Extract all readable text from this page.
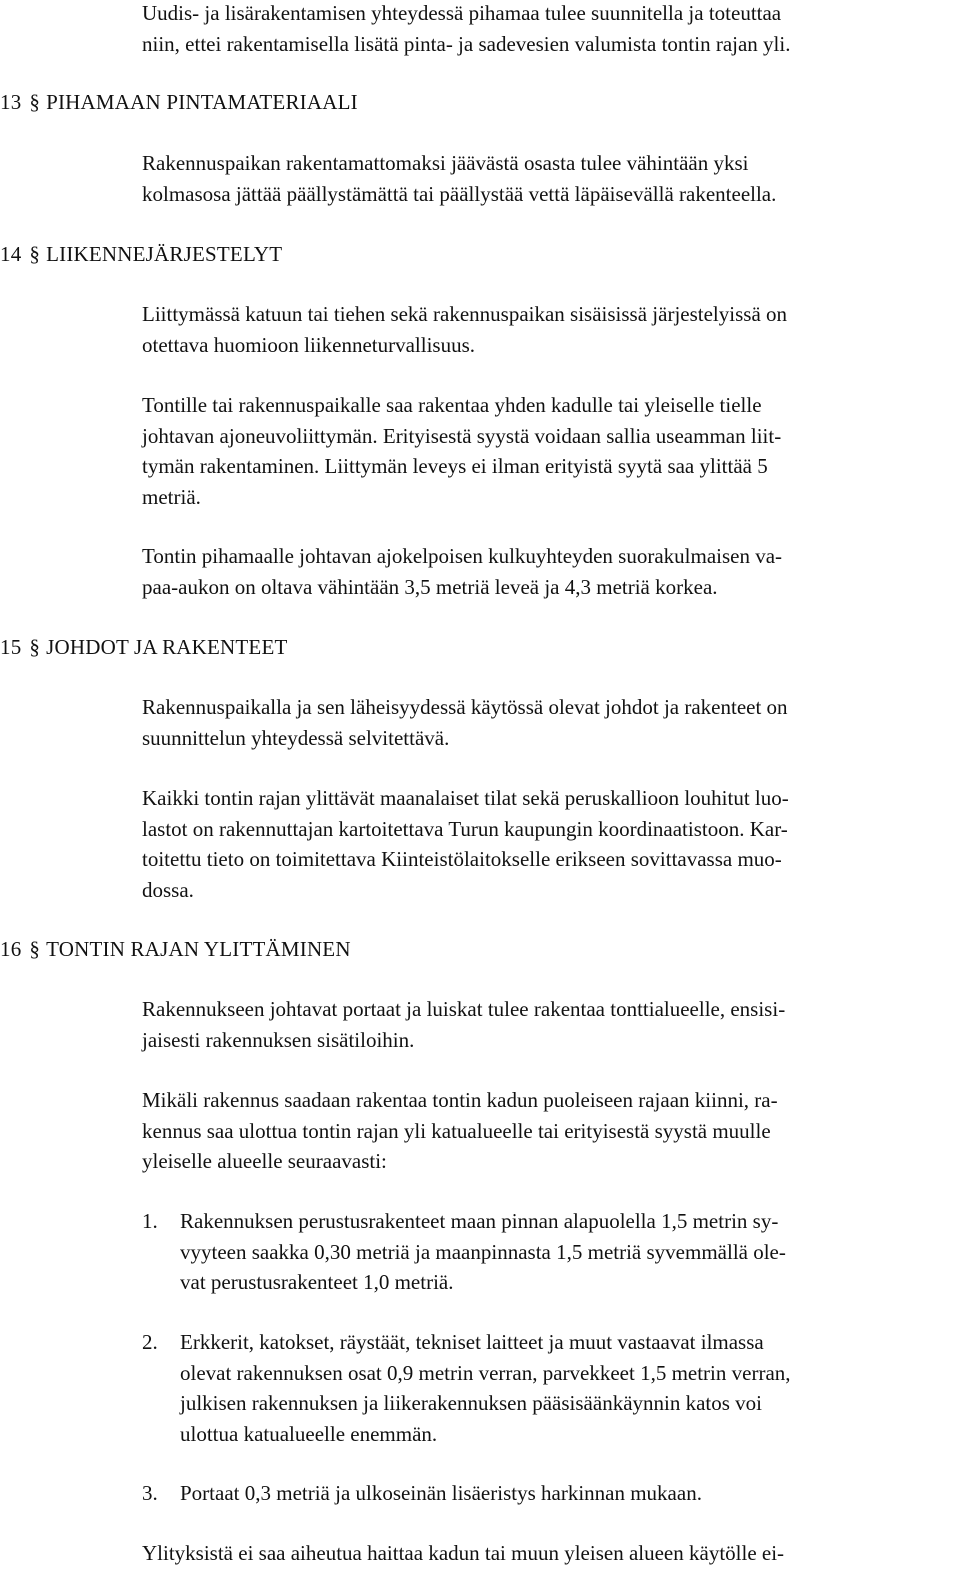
Uudis- ja lisärakentamisen yhteydessä pihamaa tulee suunnitella ja toteuttaa
niin, ettei rakentamisella lisätä pinta- ja sadevesien valumista tontin rajan yli.

13 § PIHAMAAN PINTAMATERIAALI

Rakennuspaikan rakentamattomaksi jäävästä osasta tulee vähintään yksi
kolmasosa jättää päällystämättä tai päällystää vettä läpäisevällä rakenteella.

14 § LIIKENNEJÄRJESTELYT

Liittymässä katuun tai tiehen sekä rakennuspaikan sisäisissä järjestelyissä on
otettava huomioon liikenneturvallisuus.

Tontille tai rakennuspaikalle saa rakentaa yhden kadulle tai yleiselle tielle
johtavan ajoneuvoliittymän. Erityisestä syystä voidaan sallia useamman liit-
tymän rakentaminen. Liittymän leveys ei ilman erityistä syytä saa ylittää 5
metriä.

Tontin pihamaalle johtavan ajokelpoisen kulkuyhteyden suorakulmaisen va-
paa-aukon on oltava vähintään 3,5 metriä leveä ja 4,3 metriä korkea.

15 § JOHDOT JA RAKENTEET

Rakennuspaikalla ja sen läheisyydessä käytössä olevat johdot ja rakenteet on
suunnittelun yhteydessä selvitettävä.

Kaikki tontin rajan ylittävät maanalaiset tilat sekä peruskallioon louhitut luo-
lastot on rakennuttajan kartoitettava Turun kaupungin koordinaatistoon. Kar-
toitettu tieto on toimitettava Kiinteistölaitokselle erikseen sovittavassa muo-
dossa.

16 § TONTIN RAJAN YLITTÄMINEN

Rakennukseen johtavat portaat ja luiskat tulee rakentaa tonttialueelle, ensisi-
jaisesti rakennuksen sisätiloihin.

Mikäli rakennus saadaan rakentaa tontin kadun puoleiseen rajaan kiinni, ra-
kennus saa ulottua tontin rajan yli katualueelle tai erityisestä syystä muulle
yleiselle alueelle seuraavasti:

1. Rakennuksen perustusrakenteet maan pinnan alapuolella 1,5 metrin sy-
vyyteen saakka 0,30 metriä ja maanpinnasta 1,5 metriä syvemmällä ole-
vat perustusrakenteet 1,0 metriä.
2. Erkkerit, katokset, räystäät, tekniset laitteet ja muut vastaavat ilmassa
olevat rakennuksen osat 0,9 metrin verran, parvekkeet 1,5 metrin verran,
julkisen rakennuksen ja liikerakennuksen pääsisäänkäynnin katos voi
ulottua katualueelle enemmän.
3. Portaat 0,3 metriä ja ulkoseinän lisäeristys harkinnan mukaan.

Ylityksistä ei saa aiheutua haittaa kadun tai muun yleisen alueen käytölle ei-
